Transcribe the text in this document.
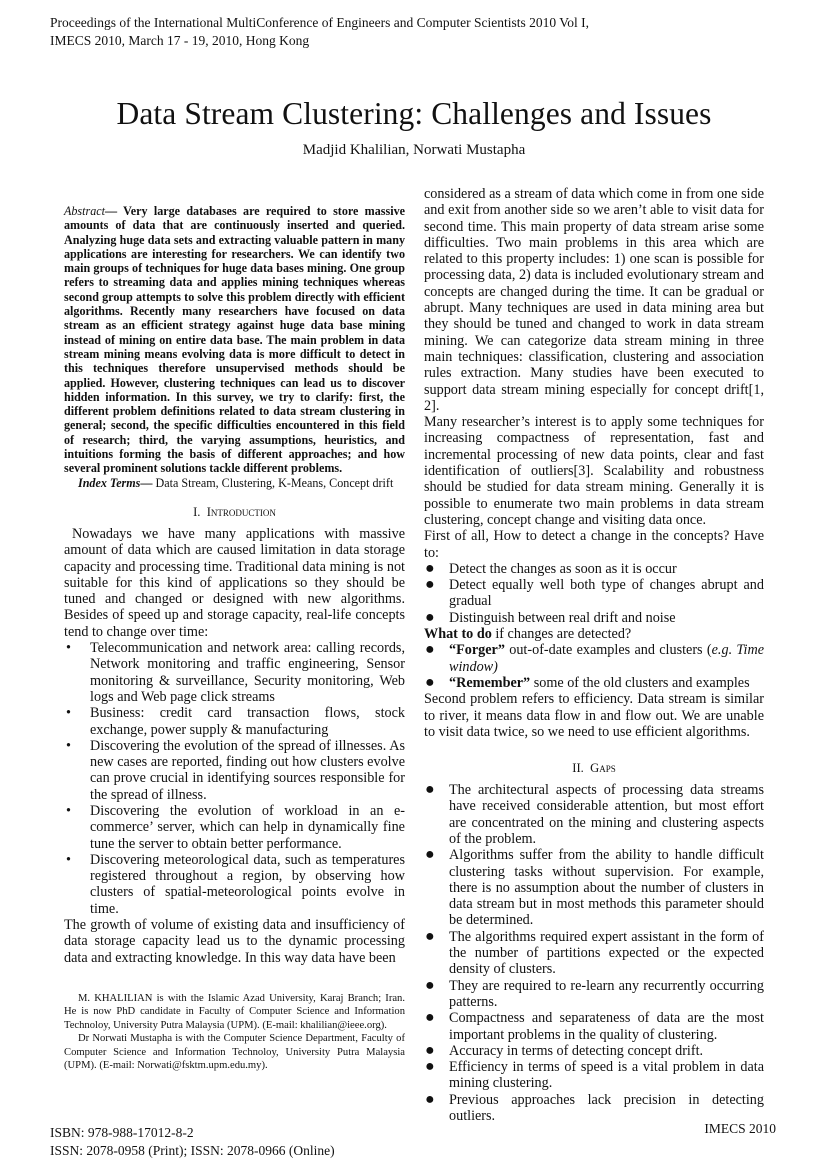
Proceedings of the International MultiConference of Engineers and Computer Scientists 2010 Vol I,
IMECS 2010, March 17 - 19, 2010, Hong Kong
Data Stream Clustering: Challenges and Issues
Madjid Khalilian, Norwati Mustapha

Abstract— Very large databases are required to store massive amounts of data that are continuously inserted and queried. Analyzing huge data sets and extracting valuable pattern in many applications are interesting for researchers. We can identify two main groups of techniques for huge data bases mining. One group refers to streaming data and applies mining techniques whereas second group attempts to solve this problem directly with efficient algorithms. Recently many researchers have focused on data stream as an efficient strategy against huge data base mining instead of mining on entire data base. The main problem in data stream mining means evolving data is more difficult to detect in this techniques therefore unsupervised methods should be applied. However, clustering techniques can lead us to discover hidden information. In this survey, we try to clarify: first, the different problem definitions related to data stream clustering in general; second, the specific difficulties encountered in this field of research; third, the varying assumptions, heuristics, and intuitions forming the basis of different approaches; and how several prominent solutions tackle different problems.

Index Terms— Data Stream, Clustering, K-Means, Concept drift

I. Introduction

Nowadays we have many applications with massive amount of data which are caused limitation in data storage capacity and processing time. Traditional data mining is not suitable for this kind of applications so they should be tuned and changed or designed with new algorithms. Besides of speed up and storage capacity, real-life concepts tend to change over time:

• Telecommunication and network area: calling records, Network monitoring and traffic engineering, Sensor monitoring & surveillance, Security monitoring, Web logs and Web page click streams
• Business: credit card transaction flows, stock exchange, power supply & manufacturing
• Discovering the evolution of the spread of illnesses. As new cases are reported, finding out how clusters evolve can prove crucial in identifying sources responsible for the spread of illness.
• Discovering the evolution of workload in an e-commerce’ server, which can help in dynamically fine tune the server to obtain better performance.
• Discovering meteorological data, such as temperatures registered throughout a region, by observing how clusters of spatial-meteorological points evolve in time.

The growth of volume of existing data and insufficiency of data storage capacity lead us to the dynamic processing data and extracting knowledge. In this way data have been

M. KHALILIAN is with the Islamic Azad University, Karaj Branch; Iran. He is now PhD candidate in Faculty of Computer Science and Information Technoloy, University Putra Malaysia (UPM). (E-mail: khalilian@ieee.org).

Dr Norwati Mustapha is with the Computer Science Department, Faculty of Computer Science and Information Technoloy, University Putra Malaysia (UPM). (E-mail: Norwati@fsktm.upm.edu.my).

considered as a stream of data which come in from one side and exit from another side so we aren’t able to visit data for second time. This main property of data stream arise some difficulties. Two main problems in this area which are related to this property includes: 1) one scan is possible for processing data, 2) data is included evolutionary stream and concepts are changed during the time. It can be gradual or abrupt. Many techniques are used in data mining area but they should be tuned and changed to work in data stream mining. We can categorize data stream mining in three main techniques: classification, clustering and association rules extraction. Many studies have been executed to support data stream mining especially for concept drift[1, 2].

Many researcher’s interest is to apply some techniques for increasing compactness of representation, fast and incremental processing of new data points, clear and fast identification of outliers[3]. Scalability and robustness should be studied for data stream mining. Generally it is possible to enumerate two main problems in data stream clustering, concept change and visiting data once.

First of all, How to detect a change in the concepts? Have to:

● Detect the changes as soon as it is occur
● Detect equally well both type of changes abrupt and gradual
● Distinguish between real drift and noise

What to do if changes are detected?

● “Forger” out-of-date examples and clusters (e.g. Time window)
● “Remember” some of the old clusters and examples

Second problem refers to efficiency. Data stream is similar to river, it means data flow in and flow out. We are unable to visit data twice, so we need to use efficient algorithms.

II. Gaps
● The architectural aspects of processing data streams have received considerable attention, but most effort are concentrated on the mining and clustering aspects of the problem.
● Algorithms suffer from the ability to handle difficult clustering tasks without supervision. For example, there is no assumption about the number of clusters in data stream but in most methods this parameter should be determined.
● The algorithms required expert assistant in the form of the number of partitions expected or the expected density of clusters.
● They are required to re-learn any recurrently occurring patterns.
● Compactness and separateness of data are the most important problems in the quality of clustering.
● Accuracy in terms of detecting concept drift.
● Efficiency in terms of speed is a vital problem in data mining clustering.
● Previous approaches lack precision in detecting outliers.
ISBN: 978-988-17012-8-2
ISSN: 2078-0958 (Print); ISSN: 2078-0966 (Online)
IMECS 2010
